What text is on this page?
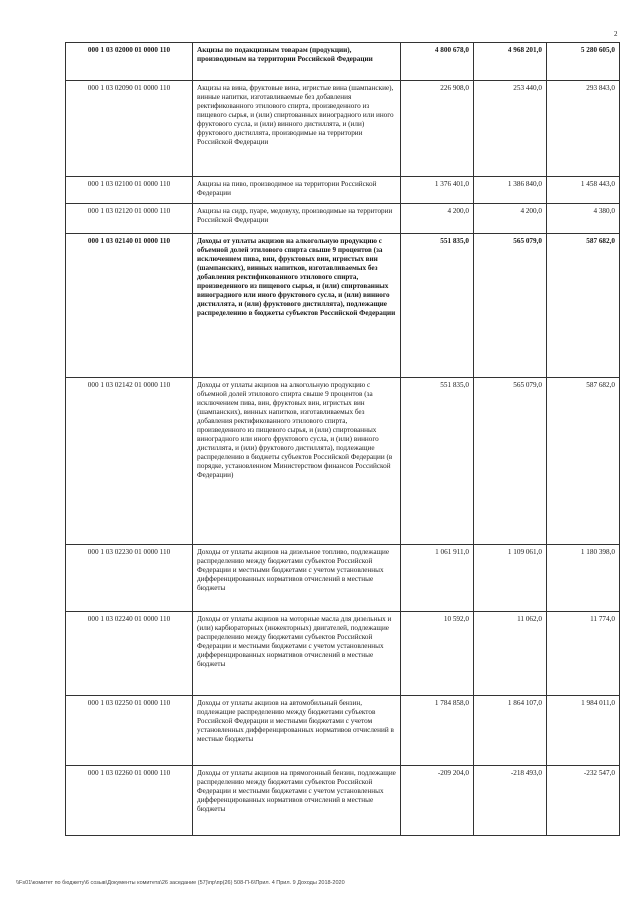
2
000 1 03 02000 01 0000 110	Акцизы по подакцизным товарам (продукции), производимым на территории Российской Федерации	4 800 678,0	4 968 201,0	5 280 605,0
000 1 03 02090 01 0000 110	Акцизы на вина, фруктовые вина, игристые вина (шампанские), винные напитки, изготавливаемые без добавления ректификованного этилового спирта, произведенного из пищевого сырья, и (или) спиртованных виноградного или иного фруктового сусла, и (или) винного дистиллята, и (или) фруктового дистиллята, производимые на территории Российской Федерации	226 908,0	253 440,0	293 843,0
000 1 03 02100 01 0000 110	Акцизы на пиво, производимое на территории Российской Федерации	1 376 401,0	1 386 840,0	1 458 443,0
000 1 03 02120 01 0000 110	Акцизы на сидр, пуаре, медовуху, производимые на территории Российской Федерации	4 200,0	4 200,0	4 380,0
000 1 03 02140 01 0000 110	Доходы от уплаты акцизов на алкогольную продукцию с объемной долей этилового спирта свыше 9 процентов (за исключением пива, вин, фруктовых вин, игристых вин (шампанских), винных напитков, изготавливаемых без добавления ректификованного этилового спирта, произведенного из пищевого сырья, и (или) спиртованных виноградного или иного фруктового сусла, и (или) винного дистиллята, и (или) фруктового дистиллята), подлежащие распределению в бюджеты субъектов Российской Федерации	551 835,0	565 079,0	587 682,0
000 1 03 02142 01 0000 110	Доходы от уплаты акцизов на алкогольную продукцию с объемной долей этилового спирта свыше 9 процентов (за исключением пива, вин, фруктовых вин, игристых вин (шампанских), винных напитков, изготавливаемых без добавления ректификованного этилового спирта, произведенного из пищевого сырья, и (или) спиртованных виноградного или иного фруктового сусла, и (или) винного дистиллята, и (или) фруктового дистиллята), подлежащие распределению в бюджеты субъектов Российской Федерации (в порядке, установленном Министерством финансов Российской Федерации)	551 835,0	565 079,0	587 682,0
000 1 03 02230 01 0000 110	Доходы от уплаты акцизов на дизельное топливо, подлежащие распределению между бюджетами субъектов Российской Федерации и местными бюджетами с учетом установленных дифференцированных нормативов отчислений в местные бюджеты	1 061 911,0	1 109 061,0	1 180 398,0
000 1 03 02240 01 0000 110	Доходы от уплаты акцизов на моторные масла для дизельных и (или) карбюраторных (инжекторных) двигателей, подлежащие распределению между бюджетами субъектов Российской Федерации и местными бюджетами с учетом установленных дифференцированных нормативов отчислений в местные бюджеты	10 592,0	11 062,0	11 774,0
000 1 03 02250 01 0000 110	Доходы от уплаты акцизов на автомобильный бензин, подлежащие распределению между бюджетами субъектов Российской Федерации и местными бюджетами с учетом установленных дифференцированных нормативов отчислений в местные бюджеты	1 784 858,0	1 864 107,0	1 984 011,0
000 1 03 02260 01 0000 110	Доходы от уплаты акцизов на прямогонный бензин, подлежащие распределению между бюджетами субъектов Российской Федерации и местными бюджетами с учетом установленных дифференцированных нормативов отчислений в местные бюджеты	-209 204,0	-218 493,0	-232 547,0
\\Fs01\комитет по бюджету\6 созыв\Документы комитета\26 заседание (57)\пр\пр(26) 508-П-6\Прил. 4 Прил. 9 Доходы 2018-2020
